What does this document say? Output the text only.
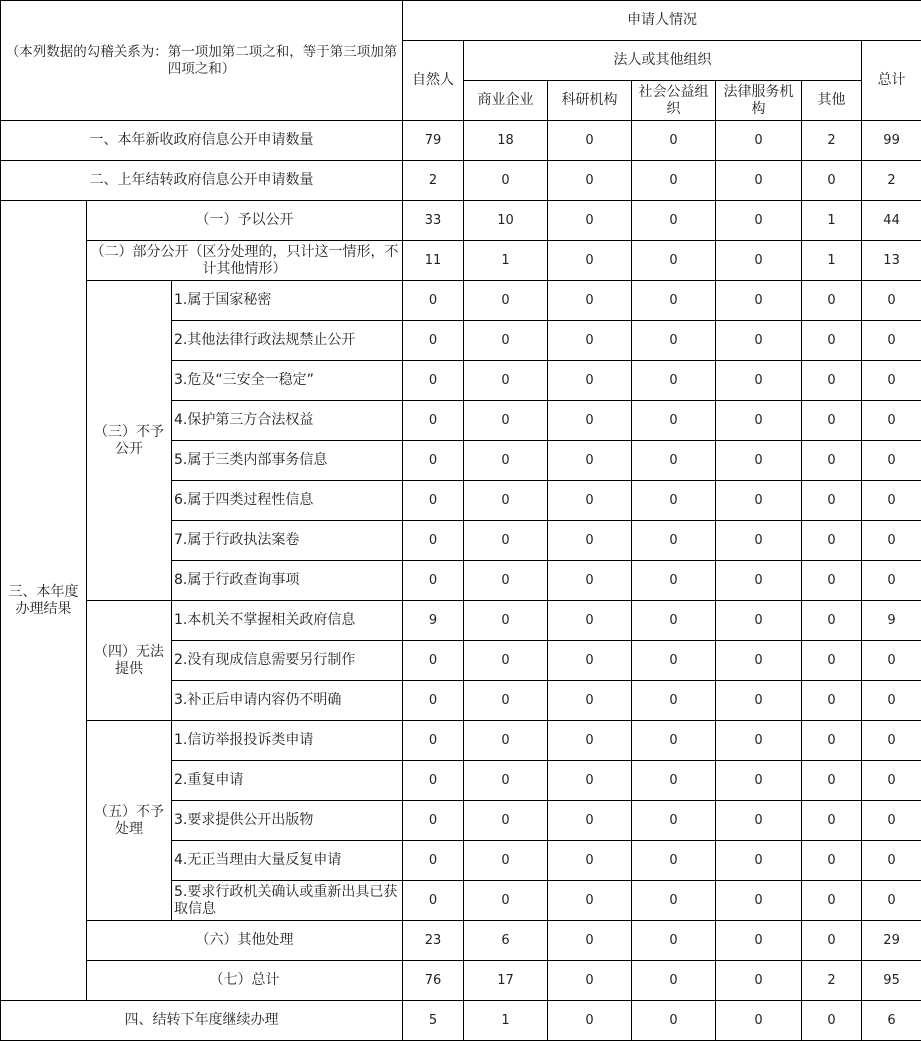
（本列数据的勾稽关系为：第一项加第二项之和，等于第三项加第四项之和）			申请人情况						
			自然人	法人或其他组织					总计
				商业企业	科研机构	社会公益组织	法律服务机构	其他	
一、本年新收政府信息公开申请数量			79	18	0	0	0	2	99
二、上年结转政府信息公开申请数量			2	0	0	0	0	0	2
三、本年度办理结果	（一）予以公开		33	10	0	0	0	1	44
	（二）部分公开（区分处理的，只计这一情形，不计其他情形）		11	1	0	0	0	1	13
	（三）不予公开	1.属于国家秘密	0	0	0	0	0	0	0
		2.其他法律行政法规禁止公开	0	0	0	0	0	0	0
		3.危及“三安全一稳定”	0	0	0	0	0	0	0
		4.保护第三方合法权益	0	0	0	0	0	0	0
		5.属于三类内部事务信息	0	0	0	0	0	0	0
		6.属于四类过程性信息	0	0	0	0	0	0	0
		7.属于行政执法案卷	0	0	0	0	0	0	0
		8.属于行政查询事项	0	0	0	0	0	0	0
	（四）无法提供	1.本机关不掌握相关政府信息	9	0	0	0	0	0	9
		2.没有现成信息需要另行制作	0	0	0	0	0	0	0
		3.补正后申请内容仍不明确	0	0	0	0	0	0	0
	（五）不予处理	1.信访举报投诉类申请	0	0	0	0	0	0	0
		2.重复申请	0	0	0	0	0	0	0
		3.要求提供公开出版物	0	0	0	0	0	0	0
		4.无正当理由大量反复申请	0	0	0	0	0	0	0
		5.要求行政机关确认或重新出具已获取信息	0	0	0	0	0	0	0
	（六）其他处理		23	6	0	0	0	0	29
	（七）总计		76	17	0	0	0	2	95
四、结转下年度继续办理			5	1	0	0	0	0	6
